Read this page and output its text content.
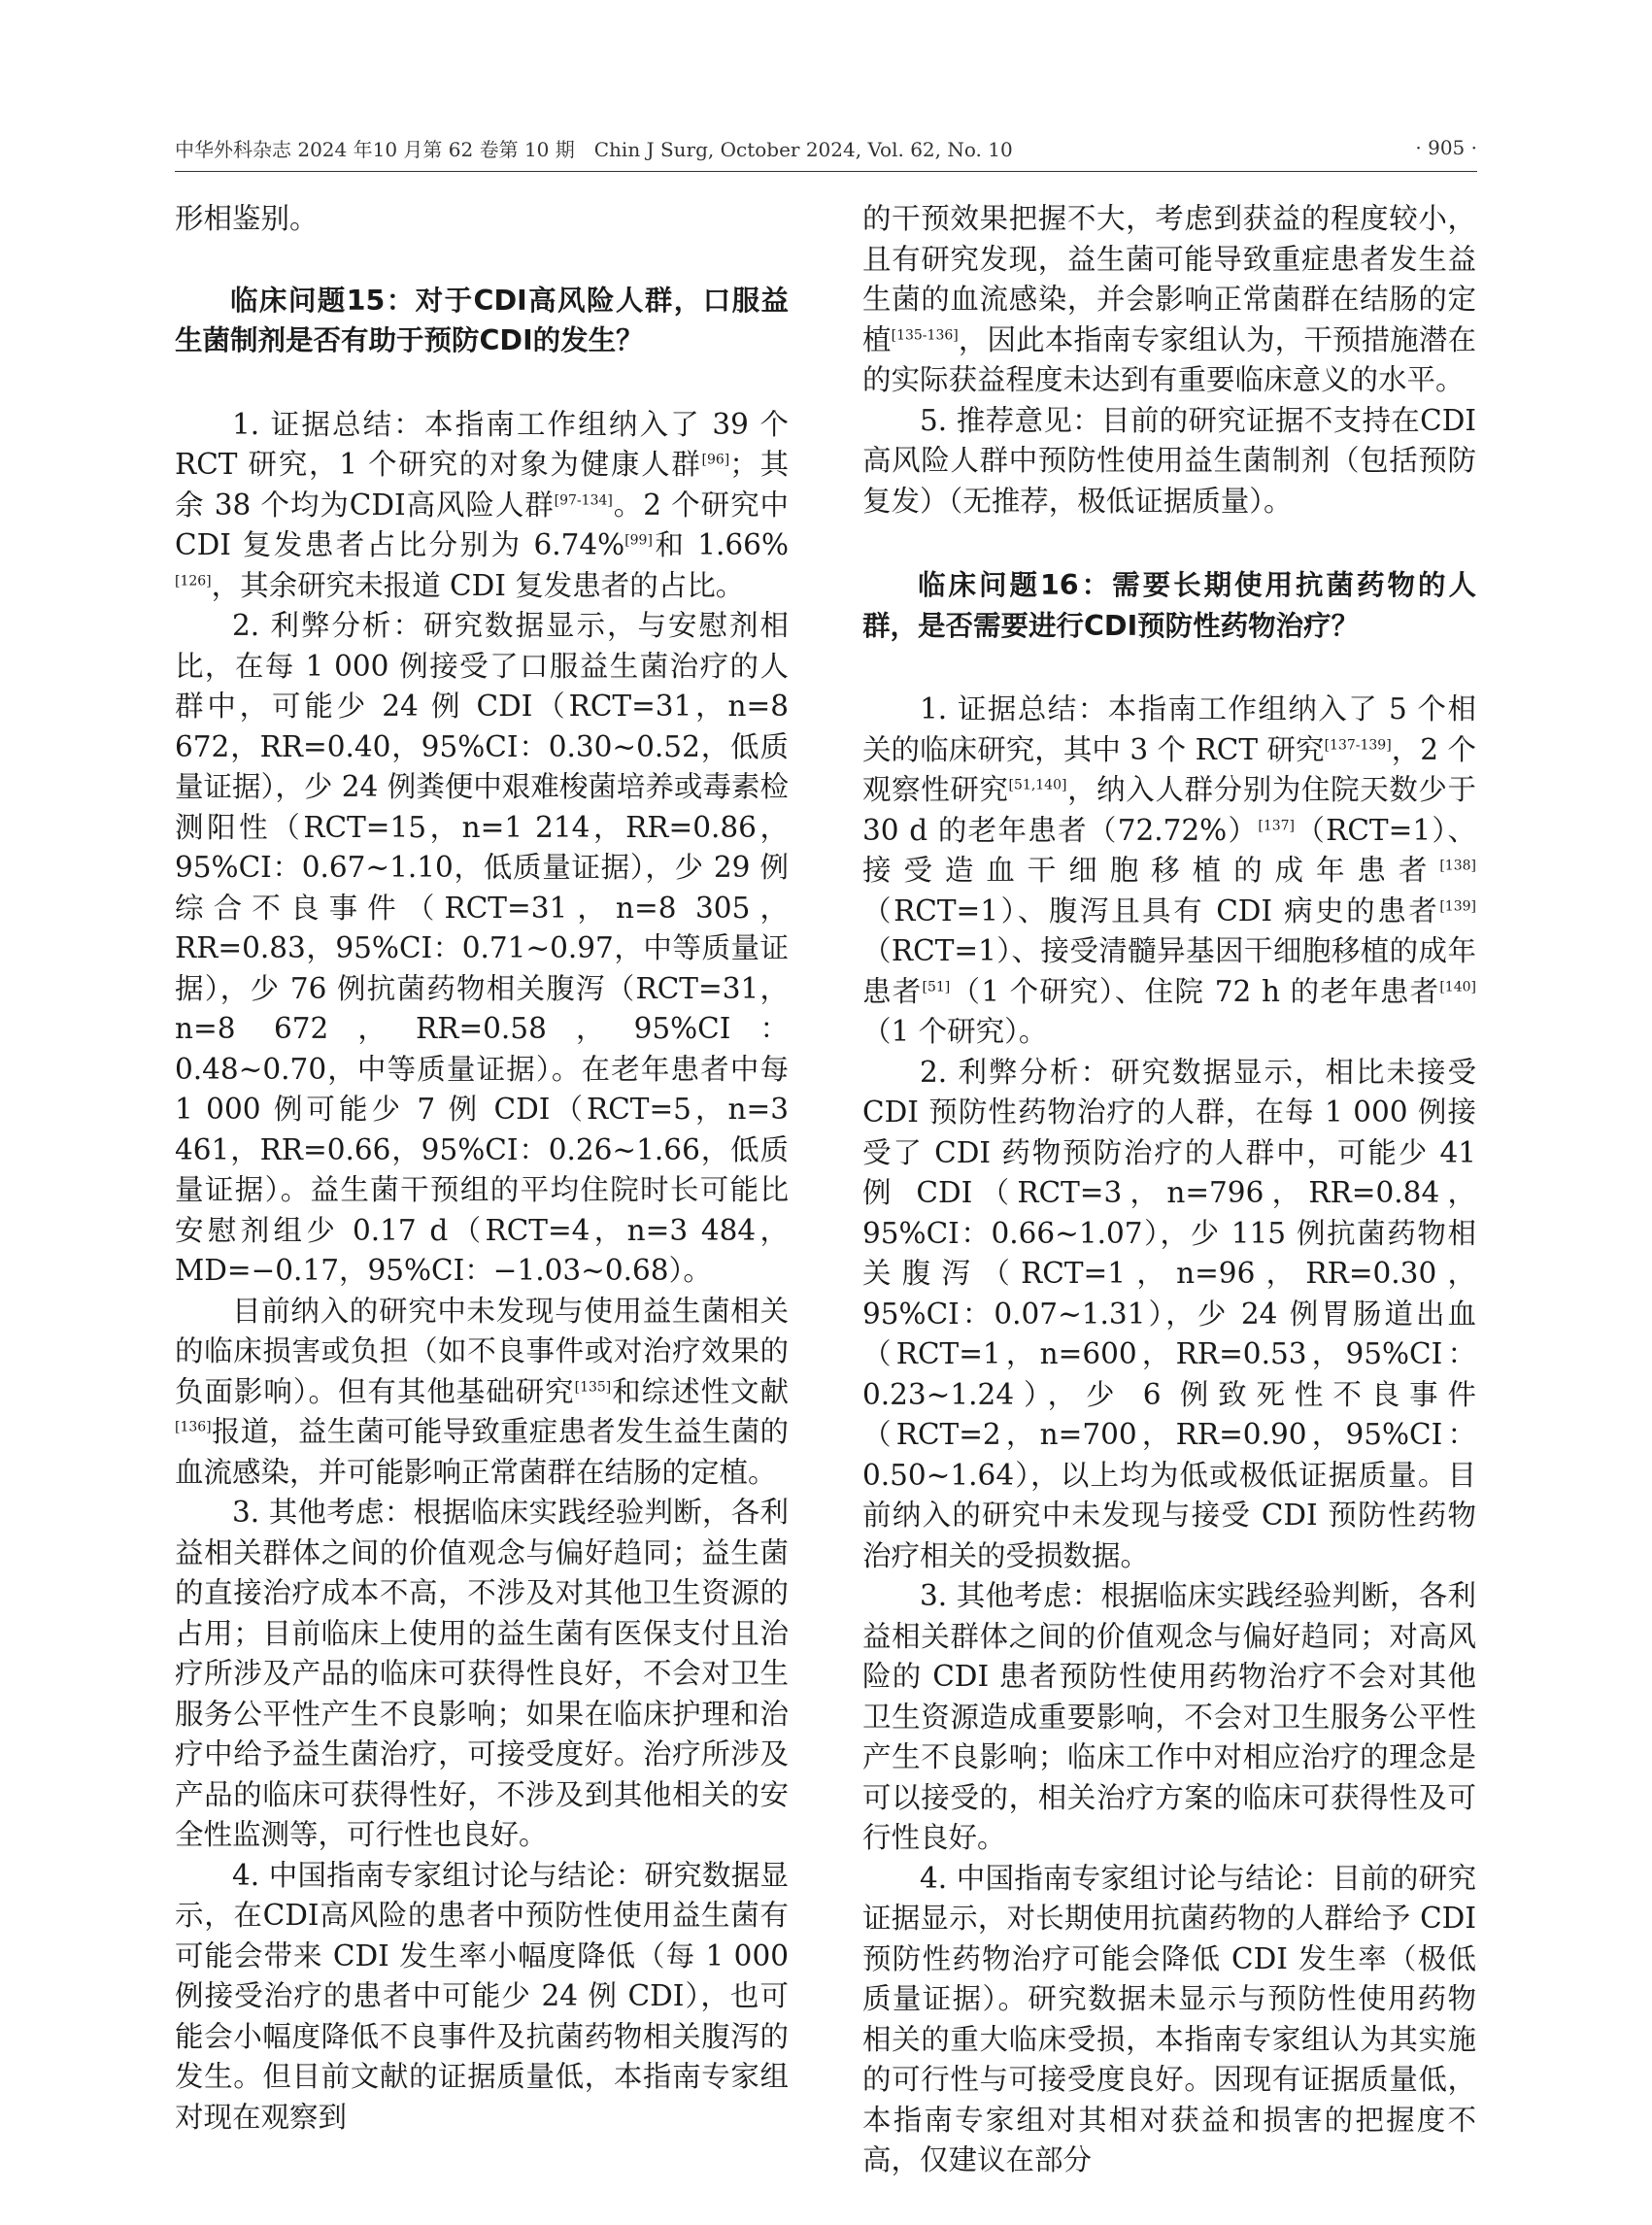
中华外科杂志 2024 年10 月第 62 卷第 10 期　Chin J Surg, October 2024, Vol. 62, No. 10	· 905 ·

形相鉴别。

临床问题15：对于CDI高风险人群，口服益生菌制剂是否有助于预防CDI的发生？

1. 证据总结：本指南工作组纳入了 39 个 RCT 研究，1 个研究的对象为健康人群[96]；其余 38 个均为CDI高风险人群[97-134]。2 个研究中 CDI 复发患者占比分别为 6.74%[99]和 1.66%[126]，其余研究未报道 CDI 复发患者的占比。

2. 利弊分析：研究数据显示，与安慰剂相比，在每 1 000 例接受了口服益生菌治疗的人群中，可能少 24 例 CDI（RCT=31，n=8 672，RR=0.40，95%CI：0.30~0.52，低质量证据），少 24 例粪便中艰难梭菌培养或毒素检测阳性（RCT=15，n=1 214，RR=0.86，95%CI：0.67~1.10，低质量证据），少 29 例综合不良事件（RCT=31，n=8 305，RR=0.83，95%CI：0.71~0.97，中等质量证据），少 76 例抗菌药物相关腹泻（RCT=31，n=8 672，RR=0.58，95%CI：0.48~0.70，中等质量证据）。在老年患者中每 1 000 例可能少 7 例 CDI（RCT=5，n=3 461，RR=0.66，95%CI：0.26~1.66，低质量证据）。益生菌干预组的平均住院时长可能比安慰剂组少 0.17 d（RCT=4，n=3 484，MD=−0.17，95%CI：−1.03~0.68）。

目前纳入的研究中未发现与使用益生菌相关的临床损害或负担（如不良事件或对治疗效果的负面影响）。但有其他基础研究[135]和综述性文献[136]报道，益生菌可能导致重症患者发生益生菌的血流感染，并可能影响正常菌群在结肠的定植。

3. 其他考虑：根据临床实践经验判断，各利益相关群体之间的价值观念与偏好趋同；益生菌的直接治疗成本不高，不涉及对其他卫生资源的占用；目前临床上使用的益生菌有医保支付且治疗所涉及产品的临床可获得性良好，不会对卫生服务公平性产生不良影响；如果在临床护理和治疗中给予益生菌治疗，可接受度好。治疗所涉及产品的临床可获得性好，不涉及到其他相关的安全性监测等，可行性也良好。

4. 中国指南专家组讨论与结论：研究数据显示，在CDI高风险的患者中预防性使用益生菌有可能会带来 CDI 发生率小幅度降低（每 1 000 例接受治疗的患者中可能少 24 例 CDI），也可能会小幅度降低不良事件及抗菌药物相关腹泻的发生。但目前文献的证据质量低，本指南专家组对现在观察到

的干预效果把握不大，考虑到获益的程度较小，且有研究发现，益生菌可能导致重症患者发生益生菌的血流感染，并会影响正常菌群在结肠的定植[135-136]，因此本指南专家组认为，干预措施潜在的实际获益程度未达到有重要临床意义的水平。

5. 推荐意见：目前的研究证据不支持在CDI高风险人群中预防性使用益生菌制剂（包括预防复发）（无推荐，极低证据质量）。

临床问题16：需要长期使用抗菌药物的人群，是否需要进行CDI预防性药物治疗？

1. 证据总结：本指南工作组纳入了 5 个相关的临床研究，其中 3 个 RCT 研究[137-139]，2 个观察性研究[51,140]，纳入人群分别为住院天数少于 30 d 的老年患者（72.72%）[137]（RCT=1）、接受造血干细胞移植的成年患者[138]（RCT=1）、腹泻且具有 CDI 病史的患者[139]（RCT=1）、接受清髓异基因干细胞移植的成年患者[51]（1 个研究）、住院 72 h 的老年患者[140]（1 个研究）。

2. 利弊分析：研究数据显示，相比未接受 CDI 预防性药物治疗的人群，在每 1 000 例接受了 CDI 药物预防治疗的人群中，可能少 41 例 CDI（RCT=3，n=796，RR=0.84，95%CI：0.66~1.07），少 115 例抗菌药物相关腹泻（RCT=1，n=96，RR=0.30，95%CI：0.07~1.31），少 24 例胃肠道出血（RCT=1，n=600，RR=0.53，95%CI：0.23~1.24），少 6 例致死性不良事件（RCT=2，n=700，RR=0.90，95%CI：0.50~1.64），以上均为低或极低证据质量。目前纳入的研究中未发现与接受 CDI 预防性药物治疗相关的受损数据。

3. 其他考虑：根据临床实践经验判断，各利益相关群体之间的价值观念与偏好趋同；对高风险的 CDI 患者预防性使用药物治疗不会对其他卫生资源造成重要影响，不会对卫生服务公平性产生不良影响；临床工作中对相应治疗的理念是可以接受的，相关治疗方案的临床可获得性及可行性良好。

4. 中国指南专家组讨论与结论：目前的研究证据显示，对长期使用抗菌药物的人群给予 CDI 预防性药物治疗可能会降低 CDI 发生率（极低质量证据）。研究数据未显示与预防性使用药物相关的重大临床受损，本指南专家组认为其实施的可行性与可接受度良好。因现有证据质量低，本指南专家组对其相对获益和损害的把握度不高，仅建议在部分
